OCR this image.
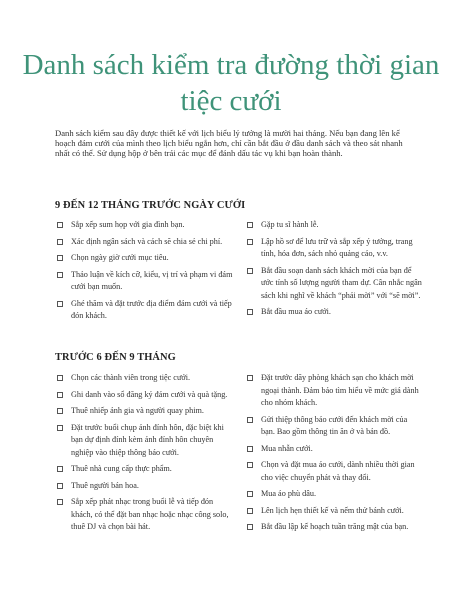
Danh sách kiểm tra đường thời gian tiệc cưới
Danh sách kiểm sau đây được thiết kế với lịch biểu lý tưởng là mười hai tháng. Nếu bạn đang lên kế hoạch đám cưới của mình theo lịch biểu ngắn hơn, chỉ cần bắt đầu ở đầu danh sách và theo sát nhanh nhất có thể. Sử dụng hộp ở bên trái các mục để đánh dấu tác vụ khi bạn hoàn thành.
9 ĐẾN 12 THÁNG TRƯỚC NGÀY CƯỚI
Sắp xếp sum họp với gia đình bạn.
Xác định ngân sách và cách sẽ chia sẻ chi phí.
Chọn ngày giờ cưới mục tiêu.
Thảo luận về kích cỡ, kiểu, vị trí và phạm vi đám cưới bạn muốn.
Ghé thăm và đặt trước địa điểm đám cưới và tiếp đón khách.
Gặp tu sĩ hành lễ.
Lập hồ sơ để lưu trữ và sắp xếp ý tưởng, trang tính, hóa đơn, sách nhỏ quảng cáo, v.v.
Bắt đầu soạn danh sách khách mời của bạn để ước tính số lượng người tham dự. Cân nhắc ngân sách khi nghĩ về khách “phải mời” với “sẽ mời”.
Bắt đầu mua áo cưới.
TRƯỚC 6 ĐẾN 9 THÁNG
Chọn các thành viên trong tiệc cưới.
Ghi danh vào sổ đăng ký đám cưới và quà tặng.
Thuê nhiếp ảnh gia và người quay phim.
Đặt trước buổi chụp ảnh đính hôn, đặc biệt khi bạn dự định đính kèm ảnh đính hôn chuyên nghiệp vào thiệp thông báo cưới.
Thuê nhà cung cấp thực phẩm.
Thuê người bán hoa.
Sắp xếp phát nhạc trong buổi lễ và tiếp đón khách, có thể đặt ban nhạc hoặc nhạc công solo, thuê DJ và chọn bài hát.
Đặt trước dãy phòng khách sạn cho khách mời ngoại thành. Đảm bảo tìm hiểu về mức giá dành cho nhóm khách.
Gửi thiệp thông báo cưới đến khách mời của bạn. Bao gồm thông tin ăn ở và bản đồ.
Mua nhẫn cưới.
Chọn và đặt mua áo cưới, dành nhiều thời gian cho việc chuyển phát và thay đổi.
Mua áo phù dâu.
Lên lịch hẹn thiết kế và nếm thử bánh cưới.
Bắt đầu lập kế hoạch tuần trăng mật của bạn.
